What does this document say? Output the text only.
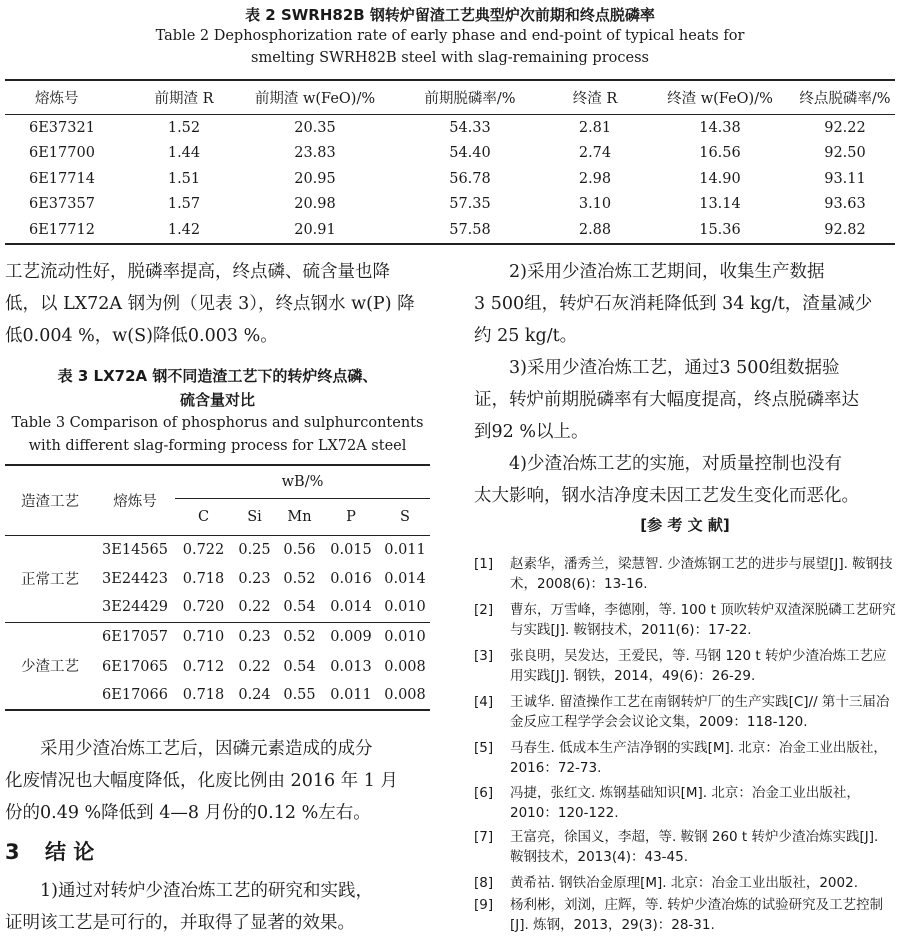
表 2 SWRH82B 钢转炉留渣工艺典型炉次前期和终点脱磷率
Table 2 Dephosphorization rate of early phase and end-point of typical heats for
smelting SWRH82B steel with slag-remaining process
熔炼号	前期渣 R	前期渣 w(FeO)/%	前期脱磷率/%	终渣 R	终渣 w(FeO)/%	终点脱磷率/%
6E37321	1.52	20.35	54.33	2.81	14.38	92.22
6E17700	1.44	23.83	54.40	2.74	16.56	92.50
6E17714	1.51	20.95	56.78	2.98	14.90	93.11
6E37357	1.57	20.98	57.35	3.10	13.14	93.63
6E17712	1.42	20.91	57.58	2.88	15.36	92.82
工艺流动性好，脱磷率提高，终点磷、硫含量也降
低，以 LX72A 钢为例（见表 3），终点钢水 w(P) 降
低0.004 %，w(S)降低0.003 %。
表 3 LX72A 钢不同造渣工艺下的转炉终点磷、
硫含量对比
Table 3 Comparison of phosphorus and sulphurcontents
with different slag-forming process for LX72A steel
造渣工艺	熔炼号	wB/%				
		C	Si	Mn	P	S
正常工艺	3E14565	0.722	0.25	0.56	0.015	0.011
	3E24423	0.718	0.23	0.52	0.016	0.014
	3E24429	0.720	0.22	0.54	0.014	0.010
少渣工艺	6E17057	0.710	0.23	0.52	0.009	0.010
	6E17065	0.712	0.22	0.54	0.013	0.008
	6E17066	0.718	0.24	0.55	0.011	0.008
采用少渣冶炼工艺后，因磷元素造成的成分
化废情况也大幅度降低，化废比例由 2016 年 1 月
份的0.49 %降低到 4—8 月份的0.12 %左右。
3 结 论
1)通过对转炉少渣冶炼工艺的研究和实践，
证明该工艺是可行的，并取得了显著的效果。
2)采用少渣冶炼工艺期间，收集生产数据
3 500组，转炉石灰消耗降低到 34 kg/t，渣量减少
约 25 kg/t。
3)采用少渣冶炼工艺，通过3 500组数据验
证，转炉前期脱磷率有大幅度提高，终点脱磷率达
到92 %以上。
4)少渣冶炼工艺的实施，对质量控制也没有
太大影响，钢水洁净度未因工艺发生变化而恶化。
[参 考 文 献]
[1]	赵素华，潘秀兰，梁慧智. 少渣炼钢工艺的进步与展望[J]. 鞍钢技术，2008(6)：13-16.
[2]	曹东，万雪峰，李德刚，等. 100 t 顶吹转炉双渣深脱磷工艺研究与实践[J]. 鞍钢技术，2011(6)：17-22.
[3]	张良明，吴发达，王爱民，等. 马钢 120 t 转炉少渣冶炼工艺应用实践[J]. 钢铁，2014，49(6)：26-29.
[4]	王诚华. 留渣操作工艺在南钢转炉厂的生产实践[C]// 第十三届冶金反应工程学学会会议论文集，2009：118-120.
[5]	马春生. 低成本生产洁净钢的实践[M]. 北京：冶金工业出版社，2016：72-73.
[6]	冯捷，张红文. 炼钢基础知识[M]. 北京：冶金工业出版社，2010：120-122.
[7]	王富亮，徐国义，李超，等. 鞍钢 260 t 转炉少渣冶炼实践[J]. 鞍钢技术，2013(4)：43-45.
[8]	黄希祜. 钢铁冶金原理[M]. 北京：冶金工业出版社，2002.
[9]	杨利彬，刘浏，庄辉，等. 转炉少渣冶炼的试验研究及工艺控制[J]. 炼钢，2013，29(3)：28-31.
